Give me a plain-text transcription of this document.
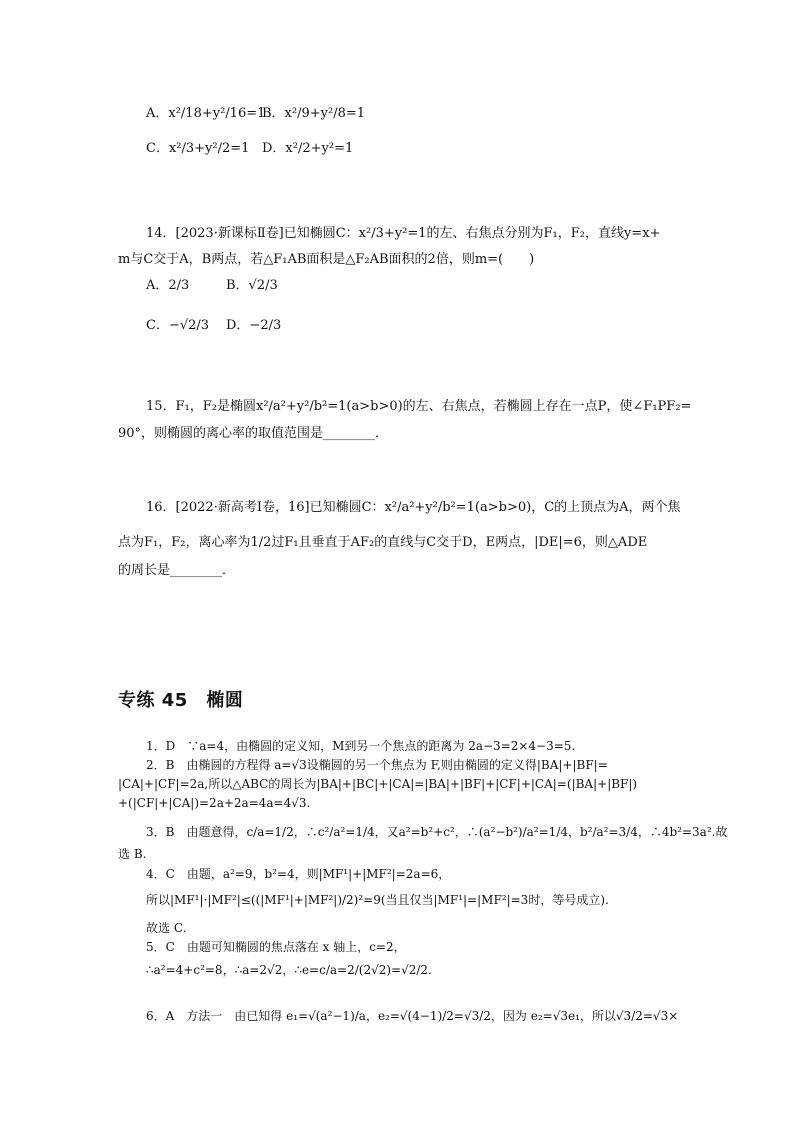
A．x²/18+y²/16=1
B．x²/9+y²/8=1
C．x²/3+y²/2=1 D．x²/2+y²=1
14．[2023·新课标Ⅱ卷]已知椭圆C：x²/3+y²=1的左、右焦点分别为F₁，F₂，直线y=x+
m与C交于A，B两点，若△F₁AB面积是△F₂AB面积的2倍，则m=(　　)
A．2/3	B．√2/3
C．−√2/3 D．−2/3
15．F₁，F₂是椭圆x²/a²+y²/b²=1(a>b>0)的左、右焦点，若椭圆上存在一点P，使∠F₁PF₂=
90°，则椭圆的离心率的取值范围是________．
16．[2022·新高考Ⅰ卷，16]已知椭圆C：x²/a²+y²/b²=1(a>b>0)，C的上顶点为A，两个焦
点为F₁，F₂，离心率为1/2过F₁且垂直于AF₂的直线与C交于D，E两点，|DE|=6，则△ADE
的周长是________．
专练 45　椭圆
1．D　∵a=4，由椭圆的定义知，M到另一个焦点的距离为 2a−3=2×4−3=5.
2．B　由椭圆的方程得 a=√3设椭圆的另一个焦点为 F,则由椭圆的定义得|BA|+|BF|=
|CA|+|CF|=2a,所以△ABC的周长为|BA|+|BC|+|CA|=|BA|+|BF|+|CF|+|CA|=(|BA|+|BF|)
+(|CF|+|CA|)=2a+2a=4a=4√3.
3．B　由题意得，c/a=1/2，∴c²/a²=1/4，又a²=b²+c²，∴(a²−b²)/a²=1/4，b²/a²=3/4，∴4b²=3a².故
选 B.
4．C　由题，a²=9，b²=4，则|MF¹|+|MF²|=2a=6，
所以|MF¹|·|MF²|≤((|MF¹|+|MF²|)/2)²=9(当且仅当|MF¹|=|MF²|=3时，等号成立).
故选 C.
5．C　由题可知椭圆的焦点落在 x 轴上，c=2，
∴a²=4+c²=8，∴a=2√2，∴e=c/a=2/(2√2)=√2/2.
6．A　方法一　由已知得 e₁=√(a²−1)/a，e₂=√(4−1)/2=√3/2，因为 e₂=√3e₁，所以√3/2=√3×
